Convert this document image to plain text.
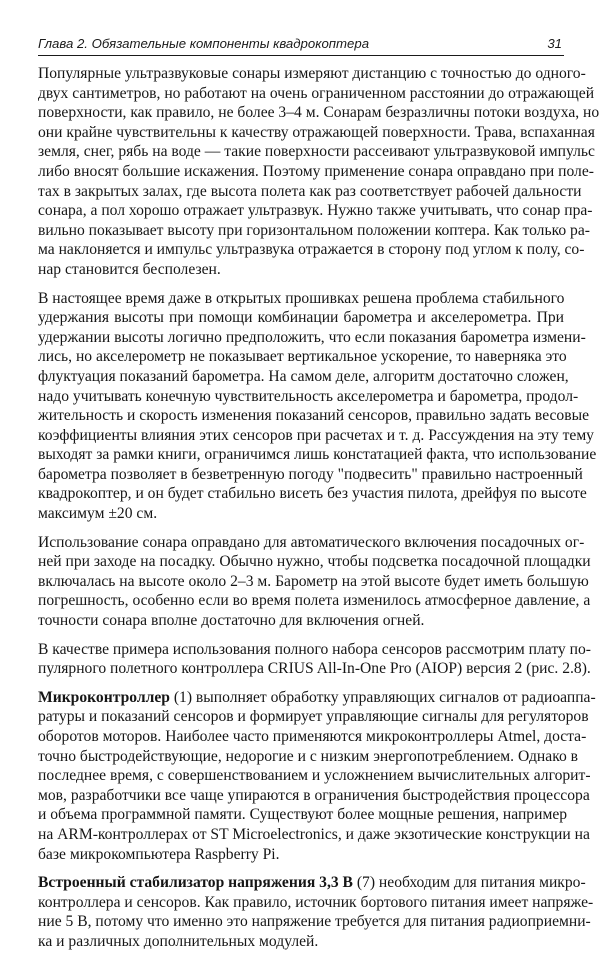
Глава 2. Обязательные компоненты квадрокоптера	31
Популярные ультразвуковые сонары измеряют дистанцию с точностью до одного-
двух сантиметров, но работают на очень ограниченном расстоянии до отражающей
поверхности, как правило, не более 3–4 м. Сонарам безразличны потоки воздуха, но
они крайне чувствительны к качеству отражающей поверхности. Трава, вспаханная
земля, снег, рябь на воде — такие поверхности рассеивают ультразвуковой импульс
либо вносят большие искажения. Поэтому применение сонара оправдано при поле-
тах в закрытых залах, где высота полета как раз соответствует рабочей дальности
сонара, а пол хорошо отражает ультразвук. Нужно также учитывать, что сонар пра-
вильно показывает высоту при горизонтальном положении коптера. Как только ра-
ма наклоняется и импульс ультразвука отражается в сторону под углом к полу, со-
нар становится бесполезен.
В настоящее время даже в открытых прошивках решена проблема стабильного
удержания высоты при помощи комбинации барометра и акселерометра. При
удержании высоты логично предположить, что если показания барометра измени-
лись, но акселерометр не показывает вертикальное ускорение, то наверняка это
флуктуация показаний барометра. На самом деле, алгоритм достаточно сложен,
надо учитывать конечную чувствительность акселерометра и барометра, продол-
жительность и скорость изменения показаний сенсоров, правильно задать весовые
коэффициенты влияния этих сенсоров при расчетах и т. д. Рассуждения на эту тему
выходят за рамки книги, ограничимся лишь констатацией факта, что использование
барометра позволяет в безветренную погоду "подвесить" правильно настроенный
квадрокоптер, и он будет стабильно висеть без участия пилота, дрейфуя по высоте
максимум ±20 см.
Использование сонара оправдано для автоматического включения посадочных ог-
ней при заходе на посадку. Обычно нужно, чтобы подсветка посадочной площадки
включалась на высоте около 2–3 м. Барометр на этой высоте будет иметь большую
погрешность, особенно если во время полета изменилось атмосферное давление, а
точности сонара вполне достаточно для включения огней.
В качестве примера использования полного набора сенсоров рассмотрим плату по-
пулярного полетного контроллера CRIUS All-In-One Pro (AIOP) версия 2 (рис. 2.8).
Микроконтроллер (1) выполняет обработку управляющих сигналов от радиоаппа-
ратуры и показаний сенсоров и формирует управляющие сигналы для регуляторов
оборотов моторов. Наиболее часто применяются микроконтроллеры Atmel, доста-
точно быстродействующие, недорогие и с низким энергопотреблением. Однако в
последнее время, с совершенствованием и усложнением вычислительных алгорит-
мов, разработчики все чаще упираются в ограничения быстродействия процессора
и объема программной памяти. Существуют более мощные решения, например
на ARM-контроллерах от ST Microelectronics, и даже экзотические конструкции на
базе микрокомпьютера Raspberry Pi.
Встроенный стабилизатор напряжения 3,3 В (7) необходим для питания микро-
контроллера и сенсоров. Как правило, источник бортового питания имеет напряже-
ние 5 В, потому что именно это напряжение требуется для питания радиоприемни-
ка и различных дополнительных модулей.
